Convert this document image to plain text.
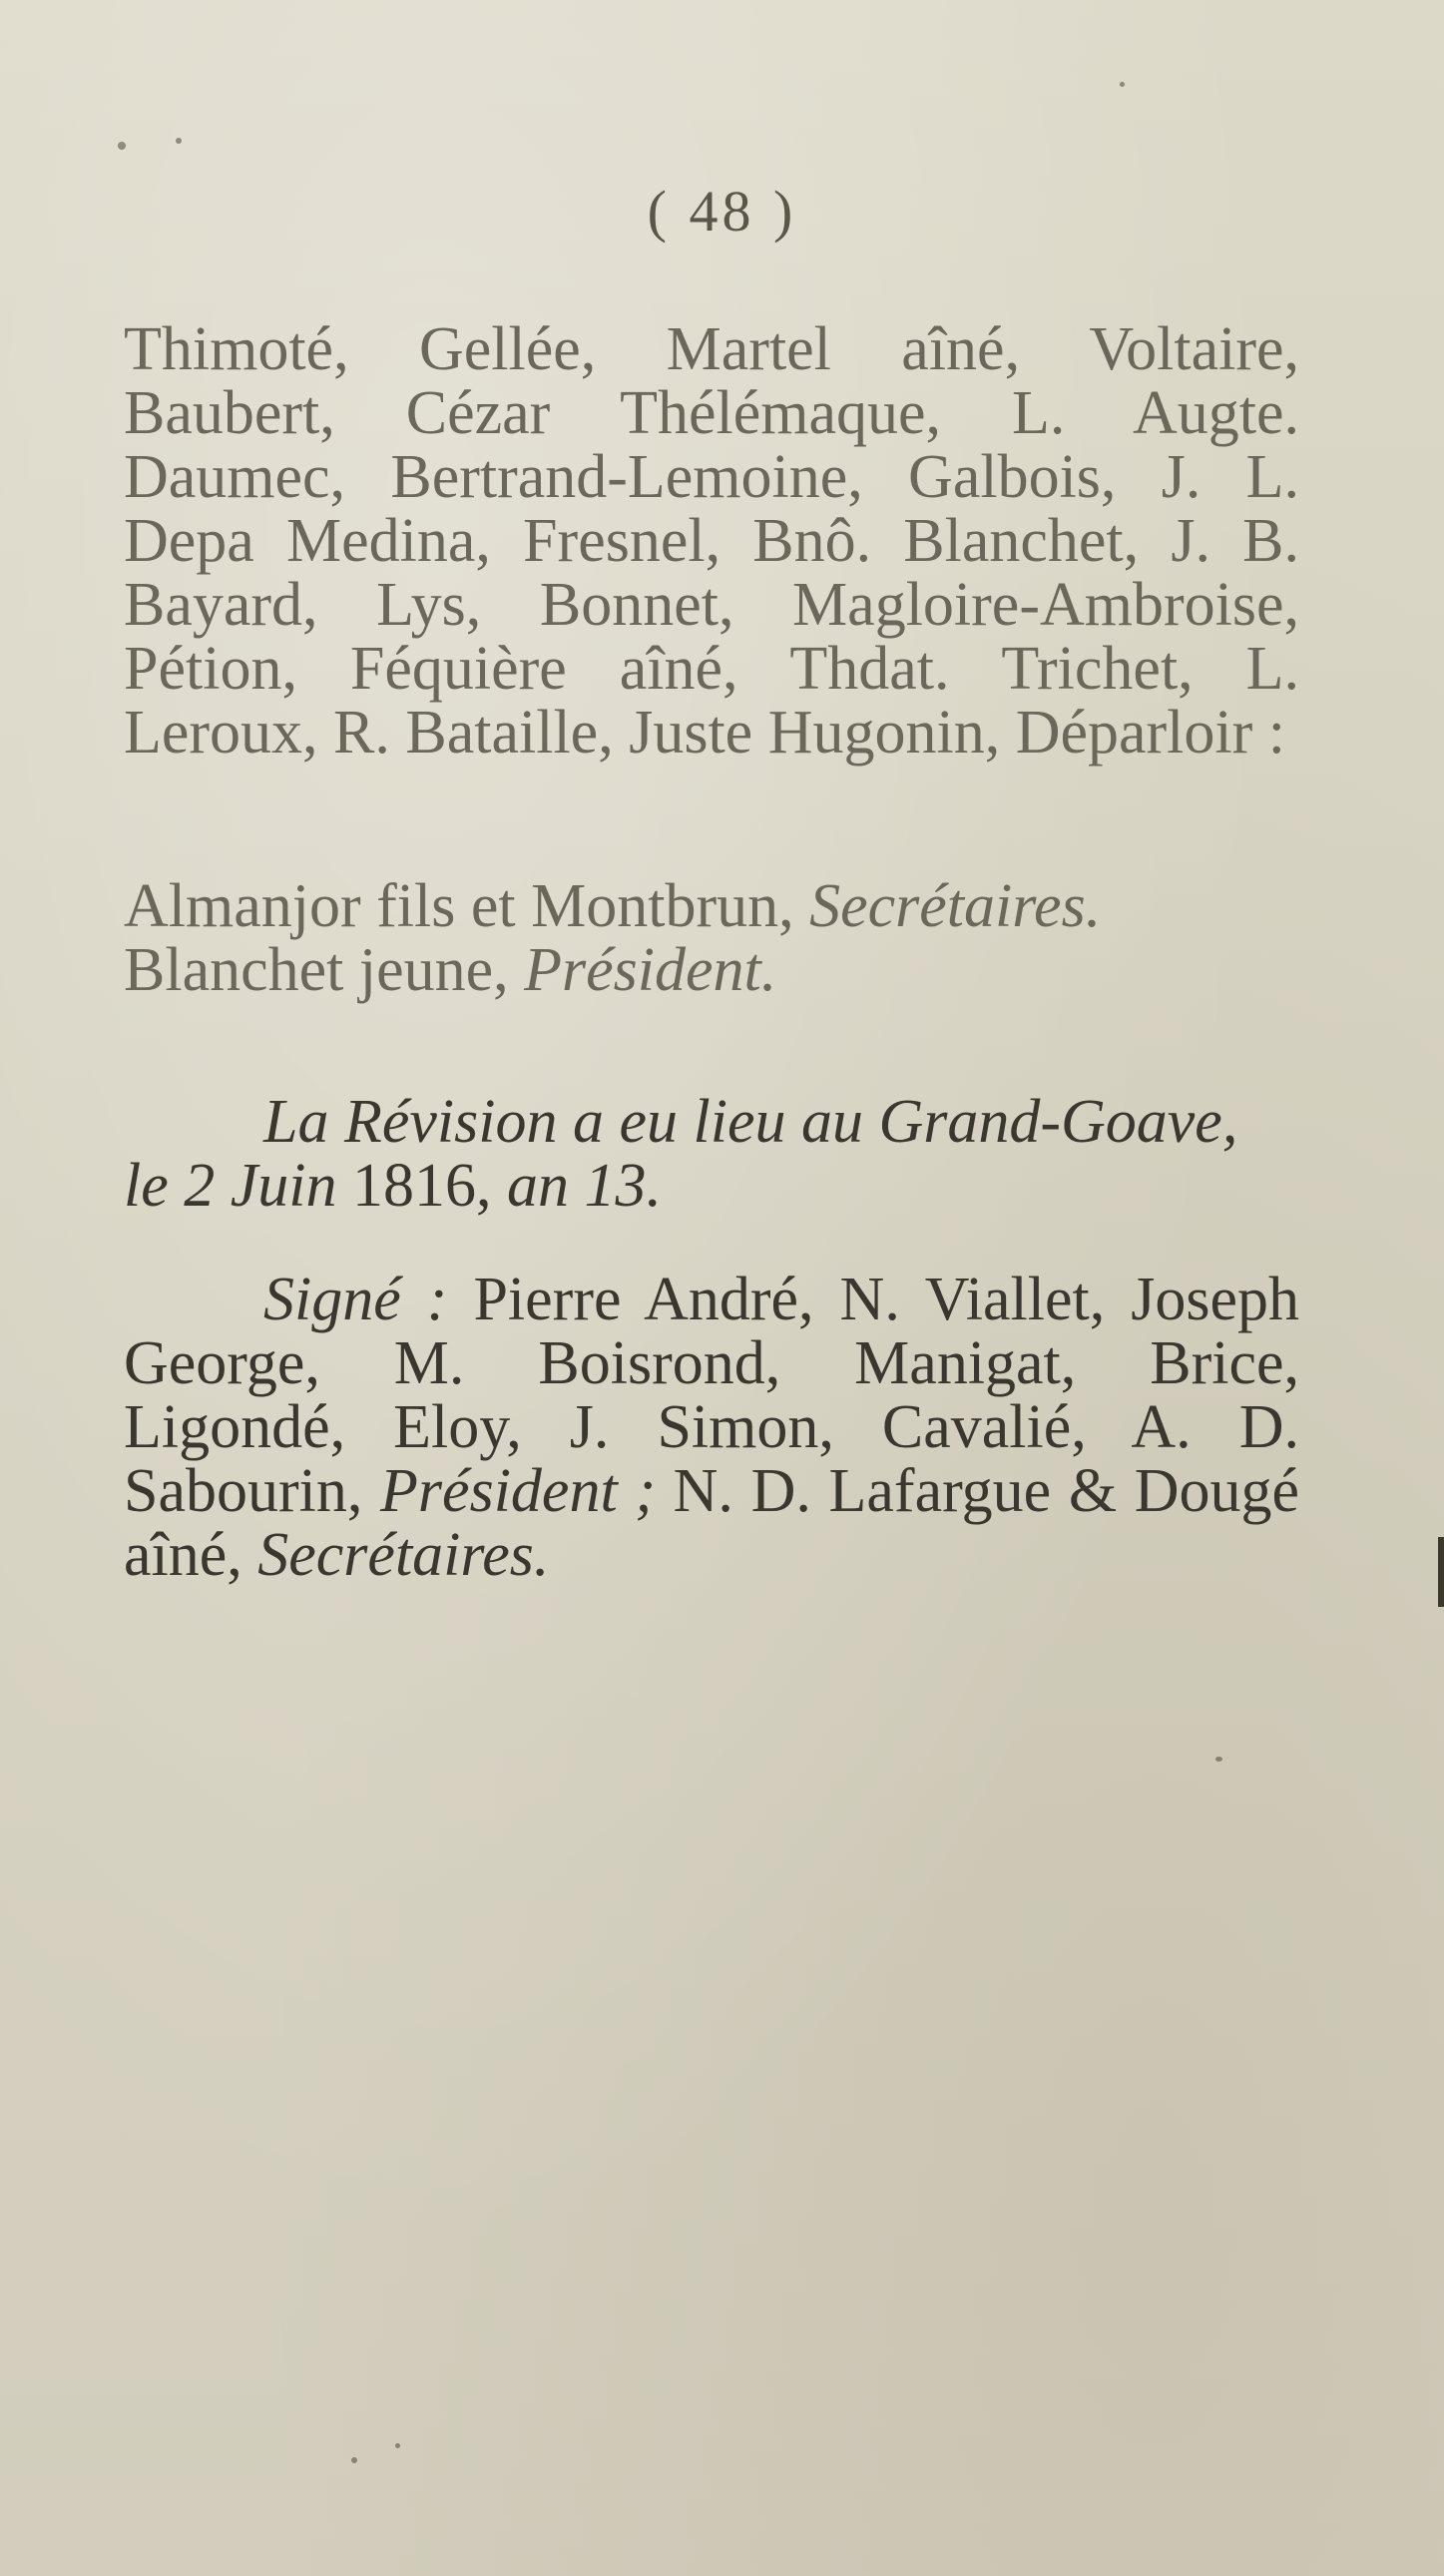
( 48 )
Thimoté, Gellée, Martel aîné, Voltaire, Baubert, Cézar Thélémaque, L. Augte. Daumec, Bertrand-Lemoine, Galbois, J. L. Depa Medina, Fresnel, Bnô. Blanchet, J. B. Bayard, Lys, Bonnet, Magloire-Ambroise, Pétion, Féquière aîné, Thdat. Trichet, L. Leroux, R. Bataille, Juste Hugonin, Déparloir :
Almanjor fils et Montbrun, Secrétaires.
Blanchet jeune, Président.
La Révision a eu lieu au Grand-Goave,
le 2 Juin 1816, an 13.
Signé : Pierre André, N. Viallet, Joseph George, M. Boisrond, Manigat, Brice, Ligondé, Eloy, J. Simon, Cavalié, A. D. Sabourin, Président ; N. D. Lafargue & Dougé aîné, Secrétaires.
